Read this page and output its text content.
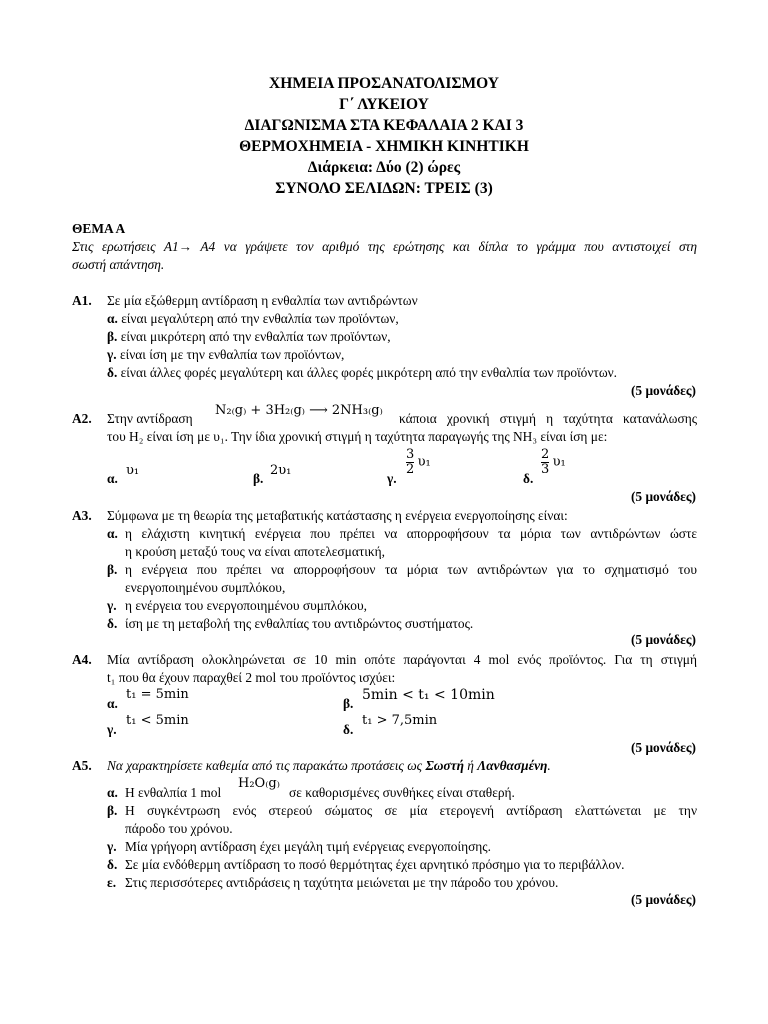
ΧΗΜΕΙΑ ΠΡΟΣΑΝΑΤΟΛΙΣΜΟΥ
Γ΄ ΛΥΚΕΙΟΥ
ΔΙΑΓΩΝΙΣΜΑ ΣΤΑ ΚΕΦΑΛΑΙΑ 2 ΚΑΙ 3
ΘΕΡΜΟΧΗΜΕΙΑ - ΧΗΜΙΚΗ ΚΙΝΗΤΙΚΗ
Διάρκεια: Δύο (2) ώρες
ΣΥΝΟΛΟ ΣΕΛΙΔΩΝ: ΤΡΕΙΣ (3)
ΘΕΜΑ Α
Στις ερωτήσεις Α1→ Α4 να γράψετε τον αριθμό της ερώτησης και δίπλα το γράμμα που αντιστοιχεί στη
σωστή απάντηση.
Α1. Σε μία εξώθερμη αντίδραση η ενθαλπία των αντιδρώντων
α. είναι μεγαλύτερη από την ενθαλπία των προϊόντων,
β. είναι μικρότερη από την ενθαλπία των προϊόντων,
γ. είναι ίση με την ενθαλπία των προϊόντων,
δ. είναι άλλες φορές μεγαλύτερη και άλλες φορές μικρότερη από την ενθαλπία των προϊόντων.
(5 μονάδες)
Α2. Στην αντίδραση
N₂₍g₎ + 3H₂₍g₎ ⟶ 2NH₃₍g₎
κάποια χρονική στιγμή η ταχύτητα κατανάλωσης
του H₂ είναι ίση με υ₁. Την ίδια χρονική στιγμή η ταχύτητα παραγωγής της NH₃ είναι ίση με:
α.
υ₁
β.
2υ₁
γ.
$\frac{3}{2} \upsilon_1$
δ.
$\frac{2}{3} \upsilon_1$
(5 μονάδες)
Α3. Σύμφωνα με τη θεωρία της μεταβατικής κατάστασης η ενέργεια ενεργοποίησης είναι:
α. η ελάχιστη κινητική ενέργεια που πρέπει να απορροφήσουν τα μόρια των αντιδρώντων ώστε
η κρούση μεταξύ τους να είναι αποτελεσματική,
β. η ενέργεια που πρέπει να απορροφήσουν τα μόρια των αντιδρώντων για το σχηματισμό του
ενεργοποιημένου συμπλόκου,
γ. η ενέργεια του ενεργοποιημένου συμπλόκου,
δ. ίση με τη μεταβολή της ενθαλπίας του αντιδρώντος συστήματος.
(5 μονάδες)
Α4. Μία αντίδραση ολοκληρώνεται σε 10 min οπότε παράγονται 4 mol ενός προϊόντος. Για τη στιγμή
t₁ που θα έχουν παραχθεί 2 mol του προϊόντος ισχύει:
α.
t₁ = 5min
β.
5min < t₁ < 10min
γ.
t₁ < 5min
δ.
t₁ > 7,5min
(5 μονάδες)
Α5. Να χαρακτηρίσετε καθεμία από τις παρακάτω προτάσεις ως Σωστή ή Λανθασμένη.
α. Η ενθαλπία 1 mol
H₂O₍g₎
σε καθορισμένες συνθήκες είναι σταθερή.
β. Η συγκέντρωση ενός στερεού σώματος σε μία ετερογενή αντίδραση ελαττώνεται με την
πάροδο του χρόνου.
γ. Μία γρήγορη αντίδραση έχει μεγάλη τιμή ενέργειας ενεργοποίησης.
δ. Σε μία ενδόθερμη αντίδραση το ποσό θερμότητας έχει αρνητικό πρόσημο για το περιβάλλον.
ε. Στις περισσότερες αντιδράσεις η ταχύτητα μειώνεται με την πάροδο του χρόνου.
(5 μονάδες)
